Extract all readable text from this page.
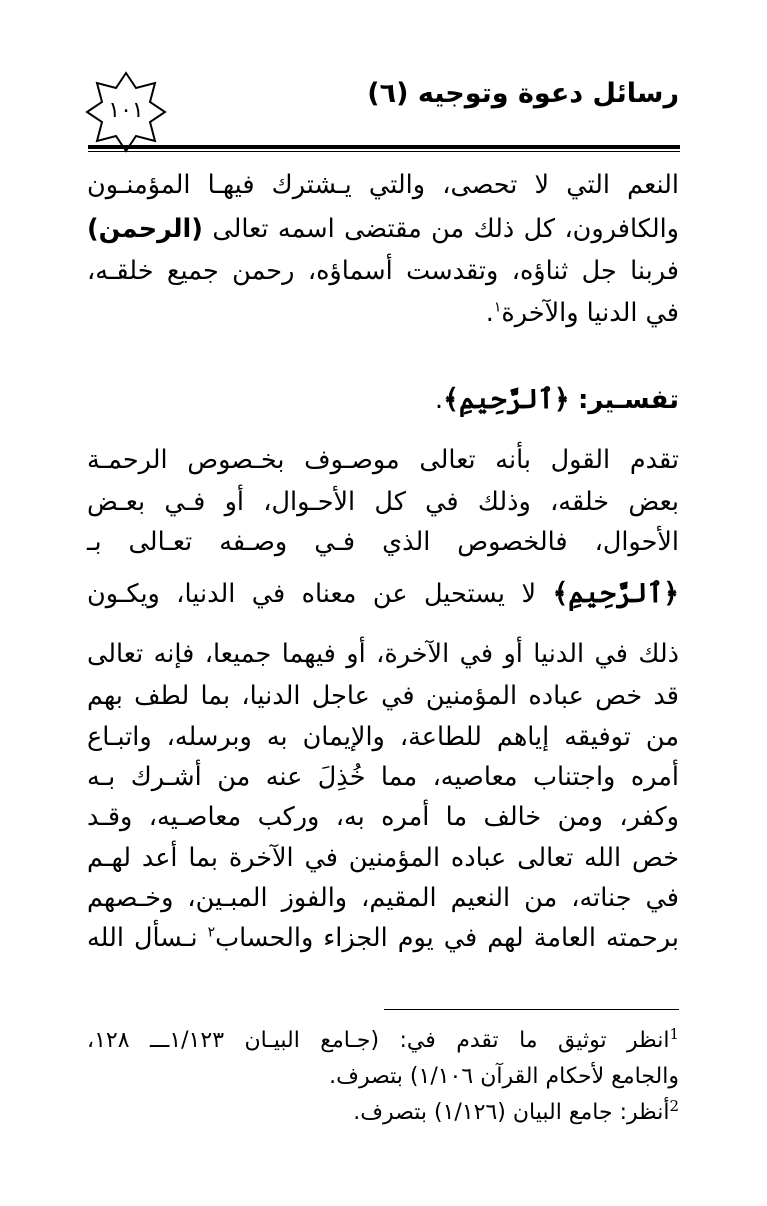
رسائل دعوة وتوجيه (٦)
١٠١
النعم التي لا تحصى، والتي يـشترك فيهـا المؤمنـون
والكافرون، كل ذلك من مقتضى اسمه تعالى (الرحمن)
فربنا جل ثناؤه، وتقدست أسماؤه، رحمن جميع خلقـه،
في الدنيا والآخرة$^١$.
تفسـير: ﴿ٱلرَّحِيمِ﴾.
تقدم القول بأنه تعالى موصـوف بخـصوص الرحمـة
بعض خلقه، وذلك في كل الأحـوال، أو فـي بعـض
الأحوال، فالخصوص الذي فـي وصـفه تعـالى بـ
﴿ٱلرَّحِيمِ﴾ لا يستحيل عن معناه في الدنيا، ويكـون
ذلك في الدنيا أو في الآخرة، أو فيهما جميعا، فإنه تعالى
قد خص عباده المؤمنين في عاجل الدنيا، بما لطف بهم
من توفيقه إياهم للطاعة، والإيمان به وبرسله، واتبـاع
أمره واجتناب معاصيه، مما خُذِلَ عنه من أشـرك بـه
وكفر، ومن خالف ما أمره به، وركب معاصـيه، وقـد
خص الله تعالى عباده المؤمنين في الآخرة بما أعد لهـم
في جناته، من النعيم المقيم، والفوز المبـين، وخـصهم
برحمته العامة لهم في يوم الجزاء والحساب$^٢$ نـسأل الله
$^1$انظر توثيق ما تقدم في: (جـامع البيـان ١/١٢٣ـــ ١٢٨،
والجامع لأحكام القرآن ١/١٠٦) بتصرف.
$^2$أنظر: جامع البيان (١/١٢٦) بتصرف.
